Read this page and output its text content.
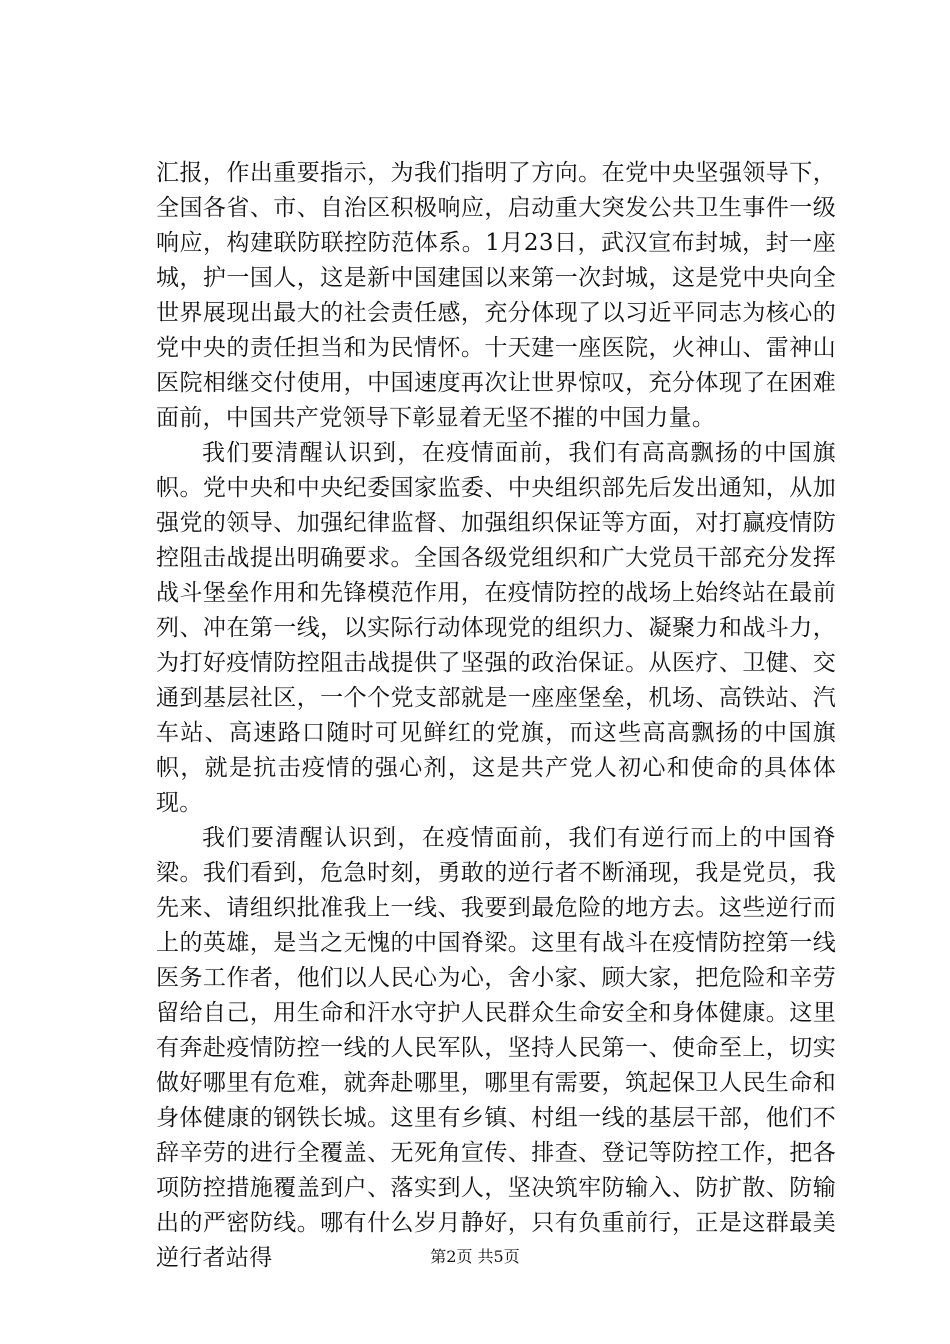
汇报，作出重要指示，为我们指明了方向。在党中央坚强领导下，全国各省、市、自治区积极响应，启动重大突发公共卫生事件一级响应，构建联防联控防范体系。1月23日，武汉宣布封城，封一座城，护一国人，这是新中国建国以来第一次封城，这是党中央向全世界展现出最大的社会责任感，充分体现了以习近平同志为核心的党中央的责任担当和为民情怀。十天建一座医院，火神山、雷神山医院相继交付使用，中国速度再次让世界惊叹，充分体现了在困难面前，中国共产党领导下彰显着无坚不摧的中国力量。

我们要清醒认识到，在疫情面前，我们有高高飘扬的中国旗帜。党中央和中央纪委国家监委、中央组织部先后发出通知，从加强党的领导、加强纪律监督、加强组织保证等方面，对打赢疫情防控阻击战提出明确要求。全国各级党组织和广大党员干部充分发挥战斗堡垒作用和先锋模范作用，在疫情防控的战场上始终站在最前列、冲在第一线，以实际行动体现党的组织力、凝聚力和战斗力，为打好疫情防控阻击战提供了坚强的政治保证。从医疗、卫健、交通到基层社区，一个个党支部就是一座座堡垒，机场、高铁站、汽车站、高速路口随时可见鲜红的党旗，而这些高高飘扬的中国旗帜，就是抗击疫情的强心剂，这是共产党人初心和使命的具体体现。

我们要清醒认识到，在疫情面前，我们有逆行而上的中国脊梁。我们看到，危急时刻，勇敢的逆行者不断涌现，我是党员，我先来、请组织批准我上一线、我要到最危险的地方去。这些逆行而上的英雄，是当之无愧的中国脊梁。这里有战斗在疫情防控第一线医务工作者，他们以人民心为心，舍小家、顾大家，把危险和辛劳留给自己，用生命和汗水守护人民群众生命安全和身体健康。这里有奔赴疫情防控一线的人民军队，坚持人民第一、使命至上，切实做好哪里有危难，就奔赴哪里，哪里有需要，筑起保卫人民生命和身体健康的钢铁长城。这里有乡镇、村组一线的基层干部，他们不辞辛劳的进行全覆盖、无死角宣传、排查、登记等防控工作，把各项防控措施覆盖到户、落实到人，坚决筑牢防输入、防扩散、防输出的严密防线。哪有什么岁月静好，只有负重前行，正是这群最美逆行者站得	第2页 共5页
